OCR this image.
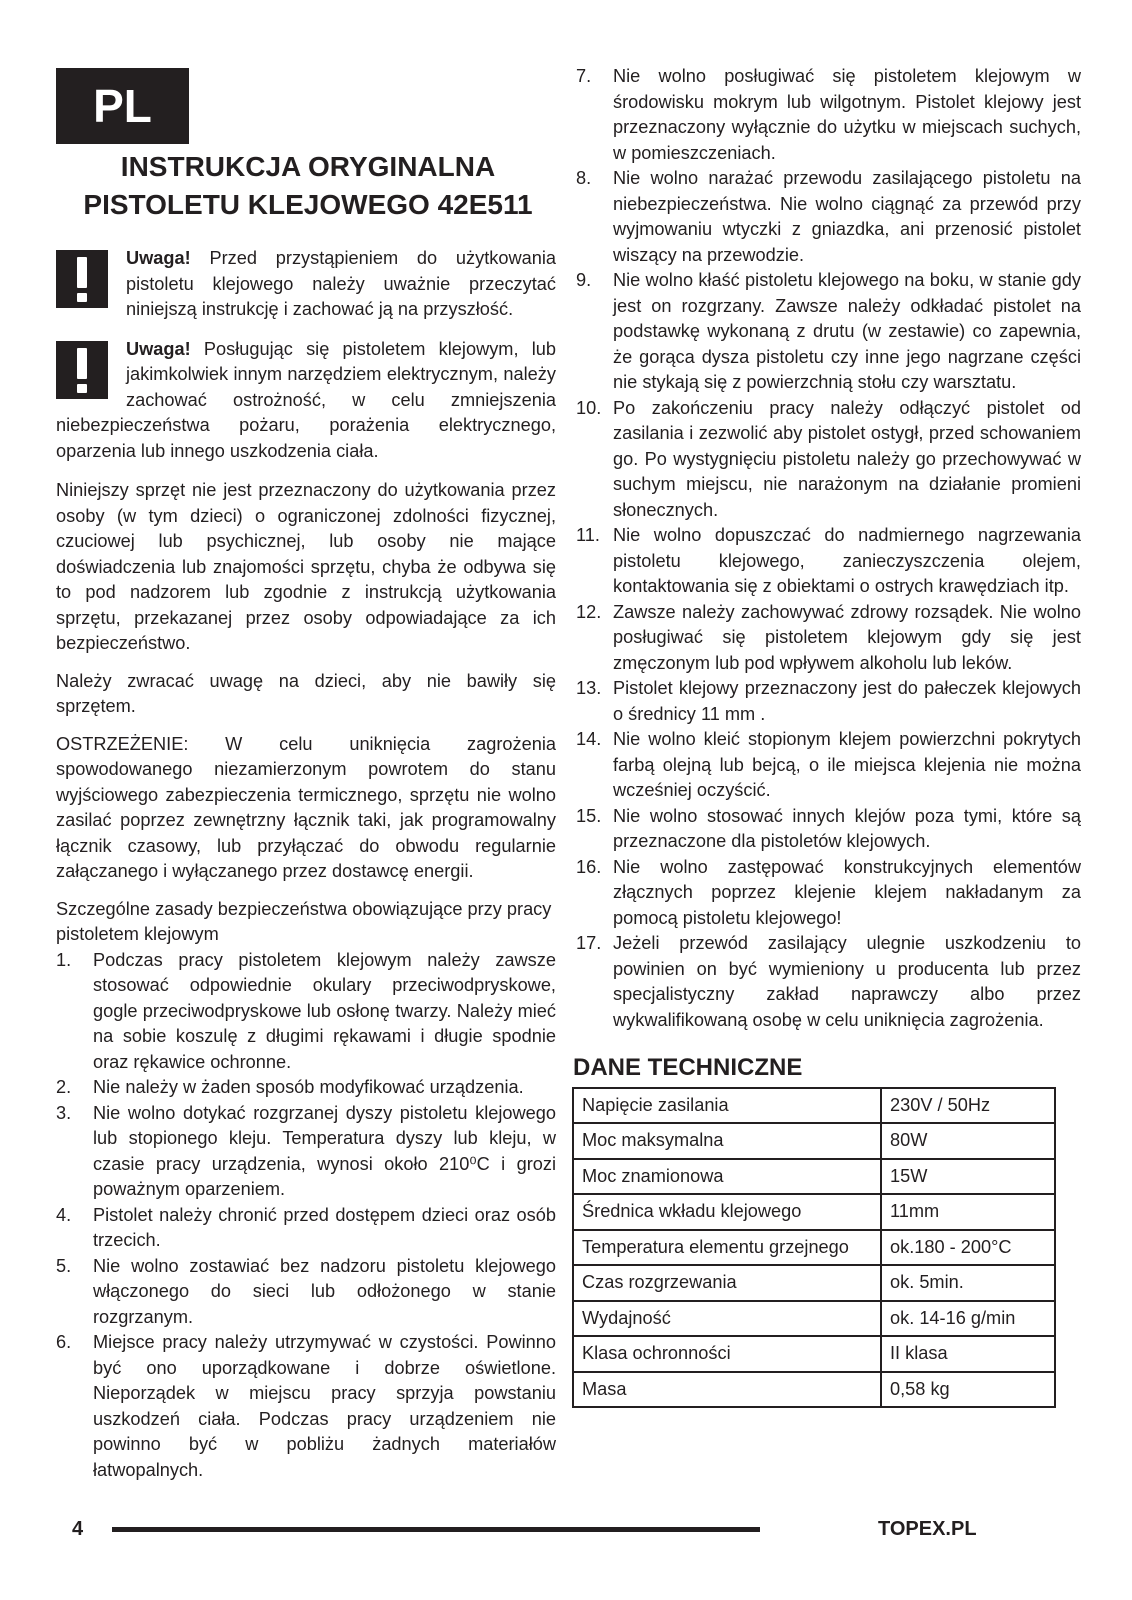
PL
INSTRUKCJA ORYGINALNA
PISTOLETU KLEJOWEGO 42E511
Uwaga! Przed przystąpieniem do użytkowania pistoletu klejowego należy uważnie przeczytać niniejszą instrukcję i zachować ją na przyszłość.
Uwaga! Posługując się pistoletem klejowym, lub jakimkolwiek innym narzędziem elektrycznym, należy zachować ostrożność, w celu zmniejszenia niebezpieczeństwa pożaru, porażenia elektrycznego, oparzenia lub innego uszkodzenia ciała.

Niniejszy sprzęt nie jest przeznaczony do użytkowania przez osoby (w tym dzieci) o ograniczonej zdolności fizycznej, czuciowej lub psychicznej, lub osoby nie mające doświadczenia lub znajomości sprzętu, chyba że odbywa się to pod nadzorem lub zgodnie z instrukcją użytkowania sprzętu, przekazanej przez osoby odpowiadające za ich bezpieczeństwo.

Należy zwracać uwagę na dzieci, aby nie bawiły się sprzętem.

OSTRZEŻENIE: W celu uniknięcia zagrożenia spowodowanego niezamierzonym powrotem do stanu wyjściowego zabezpieczenia termicznego, sprzętu nie wolno zasilać poprzez zewnętrzny łącznik taki, jak programowalny łącznik czasowy, lub przyłączać do obwodu regularnie załączanego i wyłączanego przez dostawcę energii.

Szczególne zasady bezpieczeństwa obowiązujące przy pracy pistoletem klejowym
1. Podczas pracy pistoletem klejowym należy zawsze stosować odpowiednie okulary przeciwodpryskowe, gogle przeciwodpryskowe lub osłonę twarzy. Należy mieć na sobie koszulę z długimi rękawami i długie spodnie oraz rękawice ochronne.
2. Nie należy w żaden sposób modyfikować urządzenia.
3. Nie wolno dotykać rozgrzanej dyszy pistoletu klejowego lub stopionego kleju. Temperatura dyszy lub kleju, w czasie pracy urządzenia, wynosi około 210⁰C i grozi poważnym oparzeniem.
4. Pistolet należy chronić przed dostępem dzieci oraz osób trzecich.
5. Nie wolno zostawiać bez nadzoru pistoletu klejowego włączonego do sieci lub odłożonego w stanie rozgrzanym.
6. Miejsce pracy należy utrzymywać w czystości. Powinno być ono uporządkowane i dobrze oświetlone. Nieporządek w miejscu pracy sprzyja powstaniu uszkodzeń ciała. Podczas pracy urządzeniem nie powinno być w pobliżu żadnych materiałów łatwopalnych.
7. Nie wolno posługiwać się pistoletem klejowym w środowisku mokrym lub wilgotnym. Pistolet klejowy jest przeznaczony wyłącznie do użytku w miejscach suchych, w pomieszczeniach.
8. Nie wolno narażać przewodu zasilającego pistoletu na niebezpieczeństwa. Nie wolno ciągnąć za przewód przy wyjmowaniu wtyczki z gniazdka, ani przenosić pistolet wiszący na przewodzie.
9. Nie wolno kłaść pistoletu klejowego na boku, w stanie gdy jest on rozgrzany. Zawsze należy odkładać pistolet na podstawkę wykonaną z drutu (w zestawie) co zapewnia, że gorąca dysza pistoletu czy inne jego nagrzane części nie stykają się z powierzchnią stołu czy warsztatu.
10. Po zakończeniu pracy należy odłączyć pistolet od zasilania i zezwolić aby pistolet ostygł, przed schowaniem go. Po wystygnięciu pistoletu należy go przechowywać w suchym miejscu, nie narażonym na działanie promieni słonecznych.
11. Nie wolno dopuszczać do nadmiernego nagrzewania pistoletu klejowego, zanieczyszczenia olejem, kontaktowania się z obiektami o ostrych krawędziach itp.
12. Zawsze należy zachowywać zdrowy rozsądek. Nie wolno posługiwać się pistoletem klejowym gdy się jest zmęczonym lub pod wpływem alkoholu lub leków.
13. Pistolet klejowy przeznaczony jest do pałeczek klejowych o średnicy 11 mm .
14. Nie wolno kleić stopionym klejem powierzchni pokrytych farbą olejną lub bejcą, o ile miejsca klejenia nie można wcześniej oczyścić.
15. Nie wolno stosować innych klejów poza tymi, które są przeznaczone dla pistoletów klejowych.
16. Nie wolno zastępować konstrukcyjnych elementów złącznych poprzez klejenie klejem nakładanym za pomocą pistoletu klejowego!
17. Jeżeli przewód zasilający ulegnie uszkodzeniu to powinien on być wymieniony u producenta lub przez specjalistyczny zakład naprawczy albo przez wykwalifikowaną osobę w celu uniknięcia zagrożenia.
DANE TECHNICZNE
Napięcie zasilania	230V / 50Hz
Moc maksymalna	80W
Moc znamionowa	15W
Średnica wkładu klejowego	11mm
Temperatura elementu grzejnego	ok.180 - 200°C
Czas rozgrzewania	ok. 5min.
Wydajność	ok. 14-16 g/min
Klasa ochronności	II klasa
Masa	0,58 kg
4	TOPEX.PL
